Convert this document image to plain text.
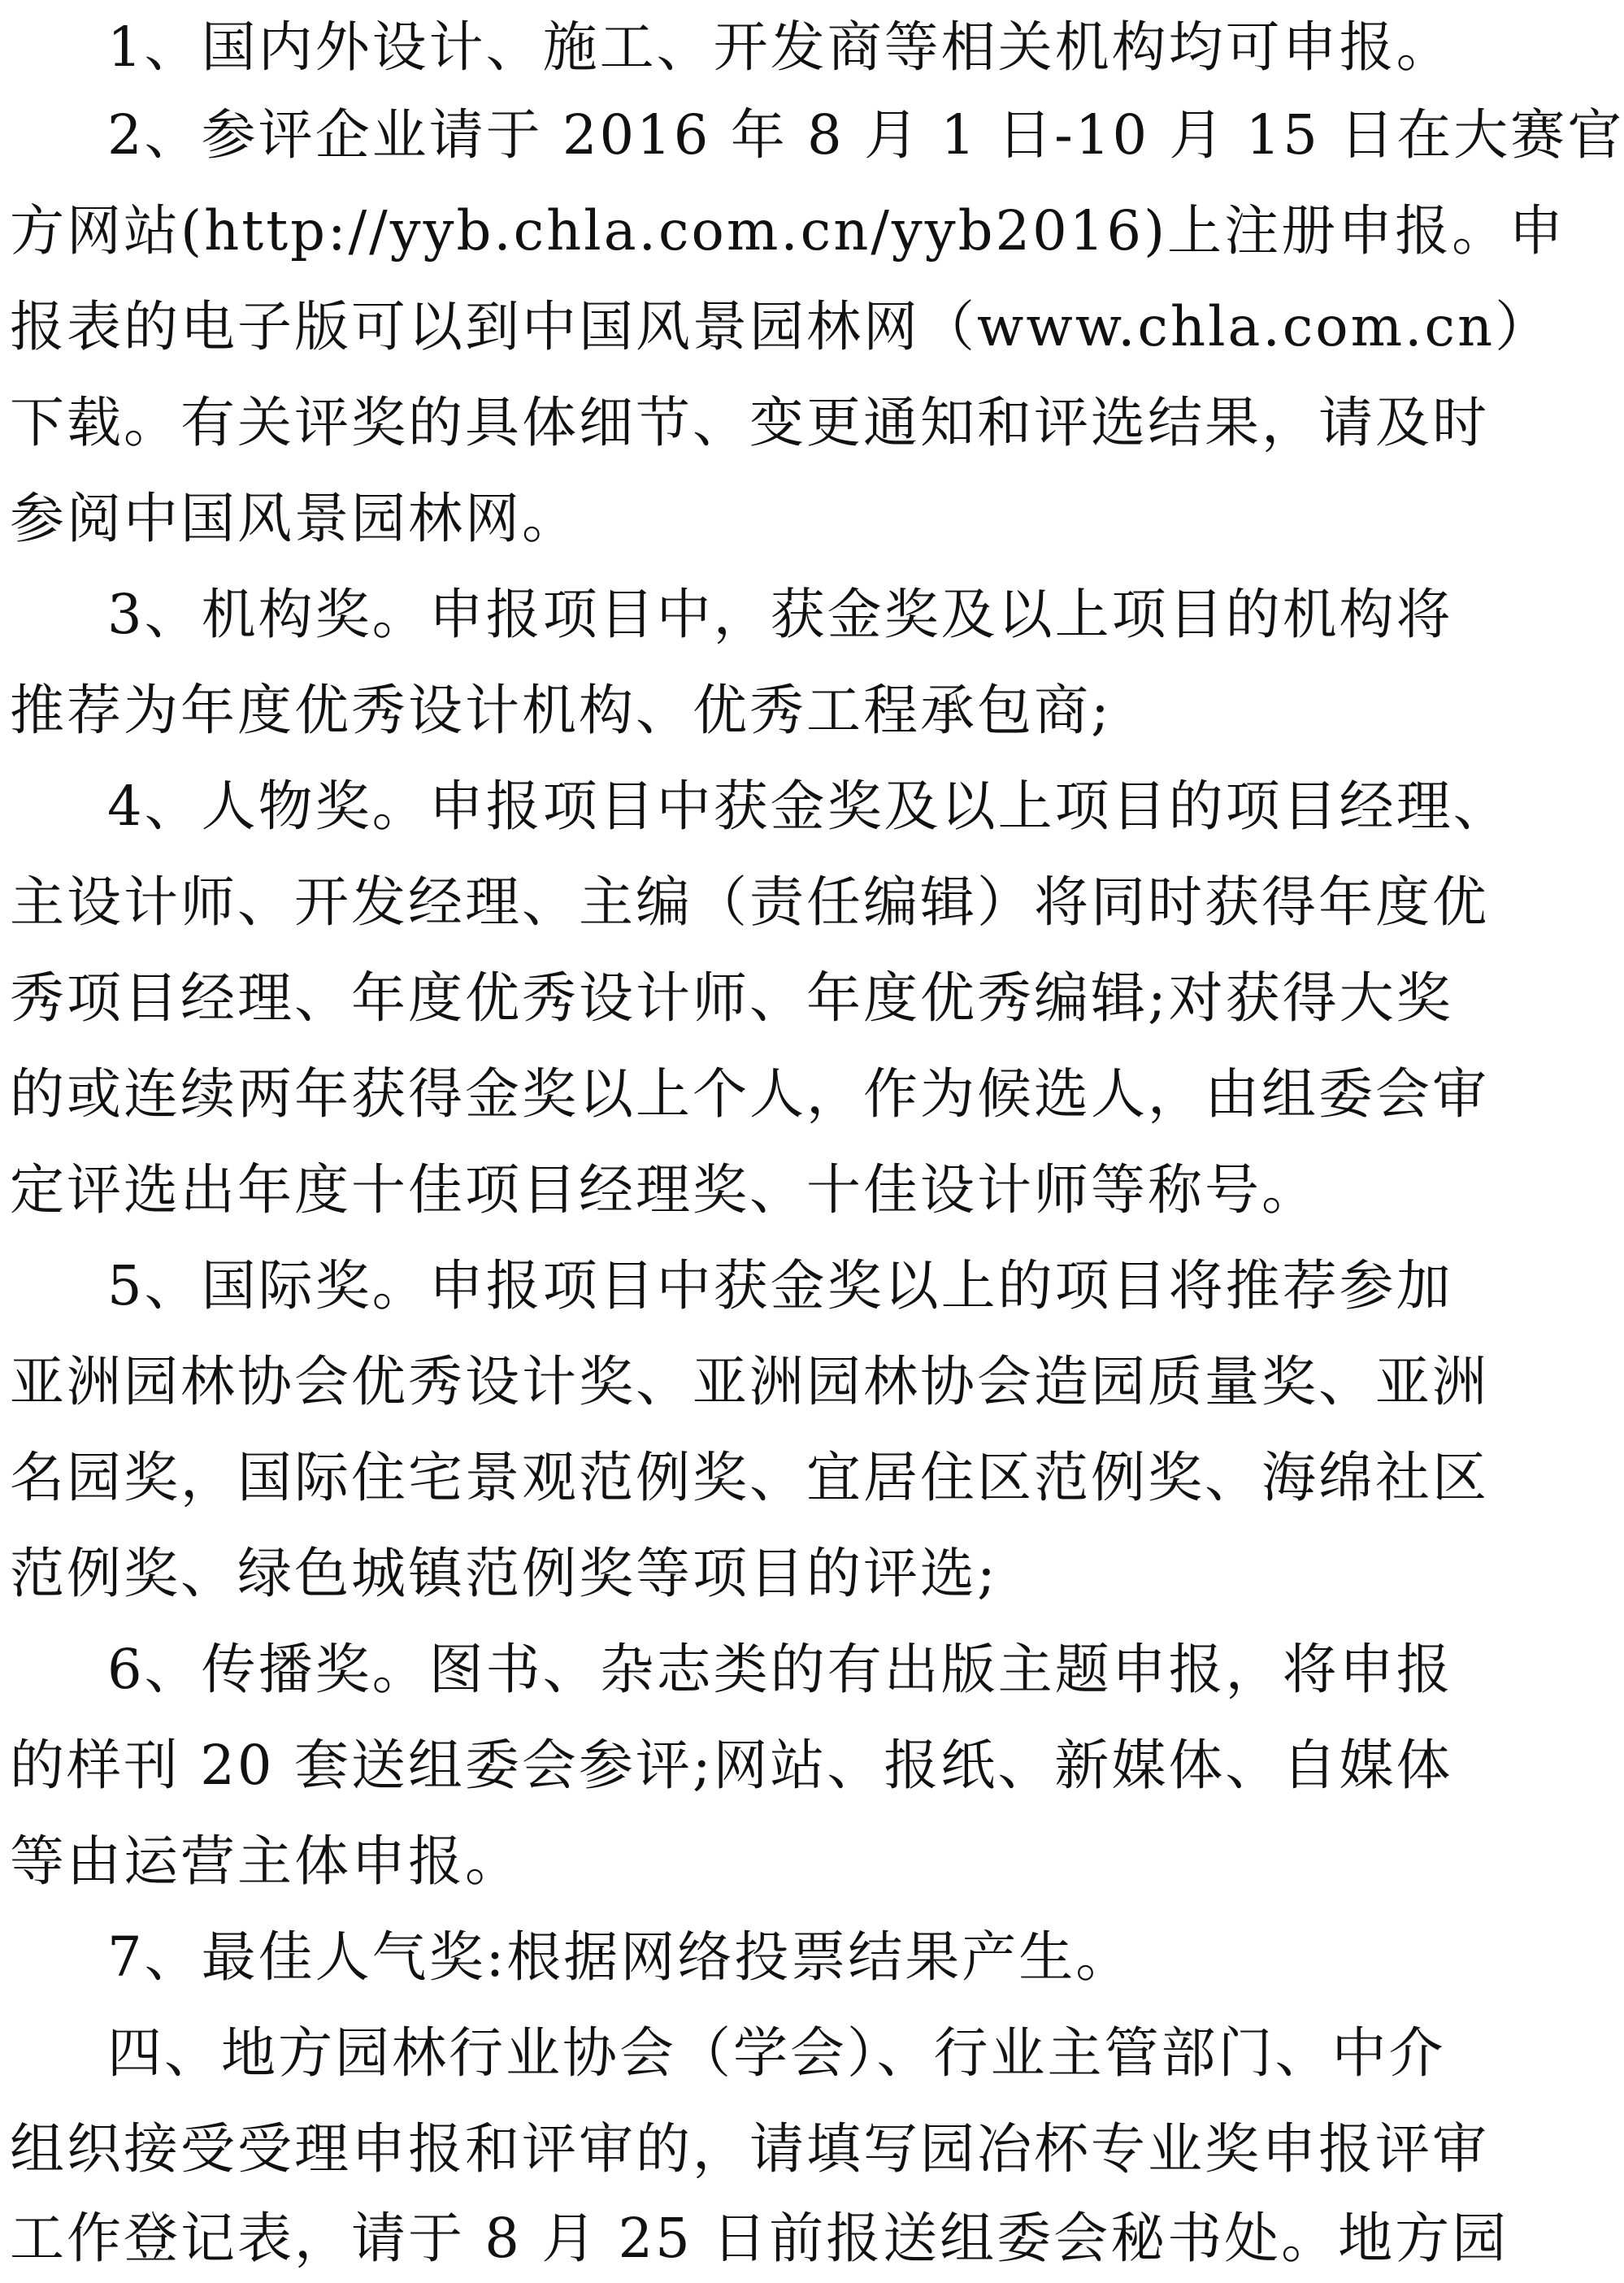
1、国内外设计、施工、开发商等相关机构均可申报。
2、参评企业请于 2016 年 8 月 1 日-10 月 15 日在大赛官
方网站(http://yyb.chla.com.cn/yyb2016)上注册申报。申
报表的电子版可以到中国风景园林网（www.chla.com.cn）
下载。有关评奖的具体细节、变更通知和评选结果，请及时
参阅中国风景园林网。
3、机构奖。申报项目中，获金奖及以上项目的机构将
推荐为年度优秀设计机构、优秀工程承包商;
4、人物奖。申报项目中获金奖及以上项目的项目经理、
主设计师、开发经理、主编（责任编辑）将同时获得年度优
秀项目经理、年度优秀设计师、年度优秀编辑;对获得大奖
的或连续两年获得金奖以上个人，作为候选人，由组委会审
定评选出年度十佳项目经理奖、十佳设计师等称号。
5、国际奖。申报项目中获金奖以上的项目将推荐参加
亚洲园林协会优秀设计奖、亚洲园林协会造园质量奖、亚洲
名园奖，国际住宅景观范例奖、宜居住区范例奖、海绵社区
范例奖、绿色城镇范例奖等项目的评选;
6、传播奖。图书、杂志类的有出版主题申报，将申报
的样刊 20 套送组委会参评;网站、报纸、新媒体、自媒体
等由运营主体申报。
7、最佳人气奖:根据网络投票结果产生。
四、地方园林行业协会（学会）、行业主管部门、中介
组织接受受理申报和评审的，请填写园冶杯专业奖申报评审
工作登记表，请于 8 月 25 日前报送组委会秘书处。地方园
